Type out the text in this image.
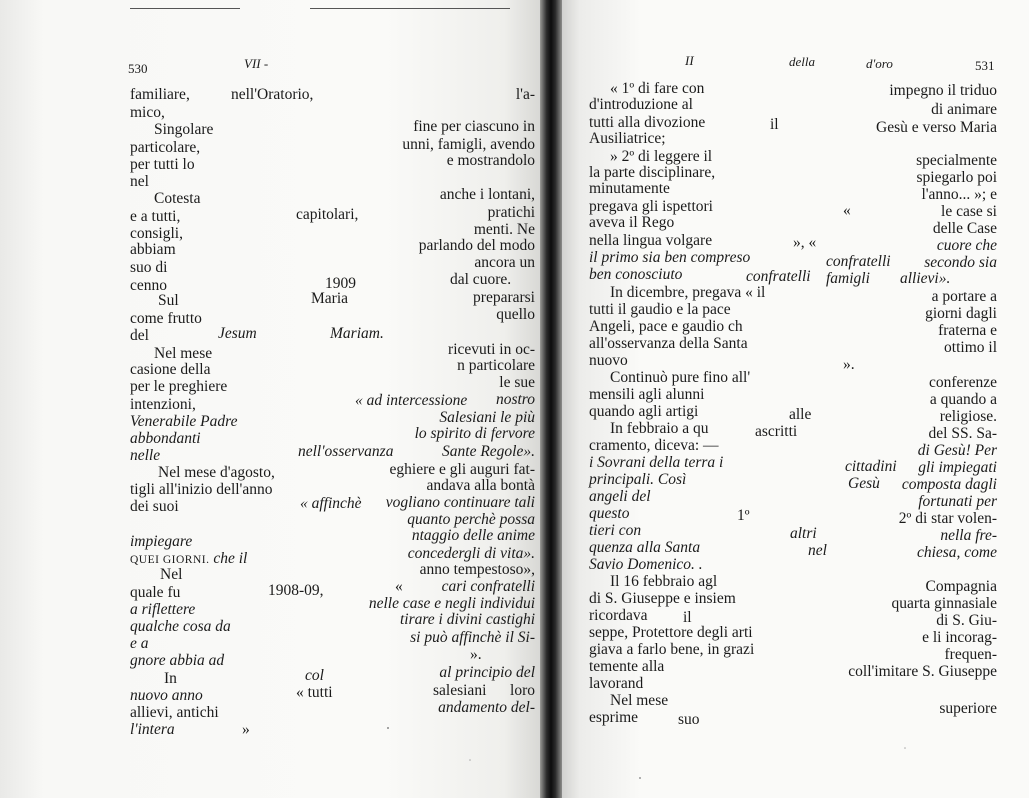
530	VII -	II	della	d'oro	531
familiare,	nell'Oratorio,	l'a-
mico,
Singolare	fine per ciascuno in
particolare,	unni, famigli, avendo
per tutti lo	e mostrandolo
nel
Cotesta	anche i lontani,
e a tutti,	capitolari,	pratichi
consigli,	menti. Ne
abbiam	parlando del modo
suo di	ancora un
cenno	1909	dal cuore.
Sul	Maria	prepararsi
come frutto	quello
del	Jesum	Mariam.
Nel mese	ricevuti in oc-
casione della	n particolare
per le preghiere	le sue
intenzioni,	« ad intercessione nostro
Venerabile Padre	Salesiani le più
abbondanti	lo spirito di fervore
nelle	nell'osservanza	Sante Regole».
Nel mese d'agosto,	eghiere e gli auguri fat-
tigli all'inizio dell'anno	andava alla bontà
dei suoi	« affinchè vogliano continuare tali
quanto perchè possa
impiegare	ntaggio delle anime
QUEI GIORNI. che il	concedergli di vita».
Nel	anno tempestoso»,
quale fu	1908-09,	«	cari confratelli
a riflettere	nelle case e negli individui
qualche cosa da	tirare i divini castighi
e a	si può affinchè il Si-
».
gnore abbia ad
In	col	al principio del
nuovo anno	« tutti	salesiani loro
allievi, antichi	andamento del-
l'intera	»
« 1º di fare con	impegno il triduo
d'introduzione al	di animare
tutti alla divozione	il	Gesù e verso Maria
Ausiliatrice;
» 2º di leggere il	specialmente
la parte disciplinare,	spiegarlo poi
minutamente	l'anno... »; e
pregava gli ispettori	«	le case si
aveva il Rego	delle Case
nella lingua volgare	», «	cuore che
il primo sia ben compreso	confratelli secondo sia
ben conosciuto	confratelli famigli allievi».
In dicembre, pregava « il	a portare a
tutti il gaudio e la pace	giorni dagli
Angeli, pace e gaudio ch	fraterna e
all'osservanza della Santa	ottimo il
nuovo	».
Continuò pure fino all'	conferenze
mensili agli alunni	a quando a
quando agli artigi	alle	religiose.
In febbraio a qu	ascritti	del SS. Sa-
cramento, diceva: —	di Gesù! Per
i Sovrani della terra i	cittadini gli impiegati
principali. Così	Gesù composta dagli
angeli del	fortunati per
questo	1º	2º di star volen-
tieri con	altri	nella fre-
quenza alla Santa	nel	chiesa, come
Savio Domenico. .
Il 16 febbraio agl	Compagnia
di S. Giuseppe e insiem	quarta ginnasiale
ricordava il	di S. Giu-
seppe, Protettore degli arti	e li incorag-
giava a farlo bene, in grazi	frequen-
temente alla	coll'imitare S. Giuseppe
lavorand
Nel mese	superiore
esprime	suo
